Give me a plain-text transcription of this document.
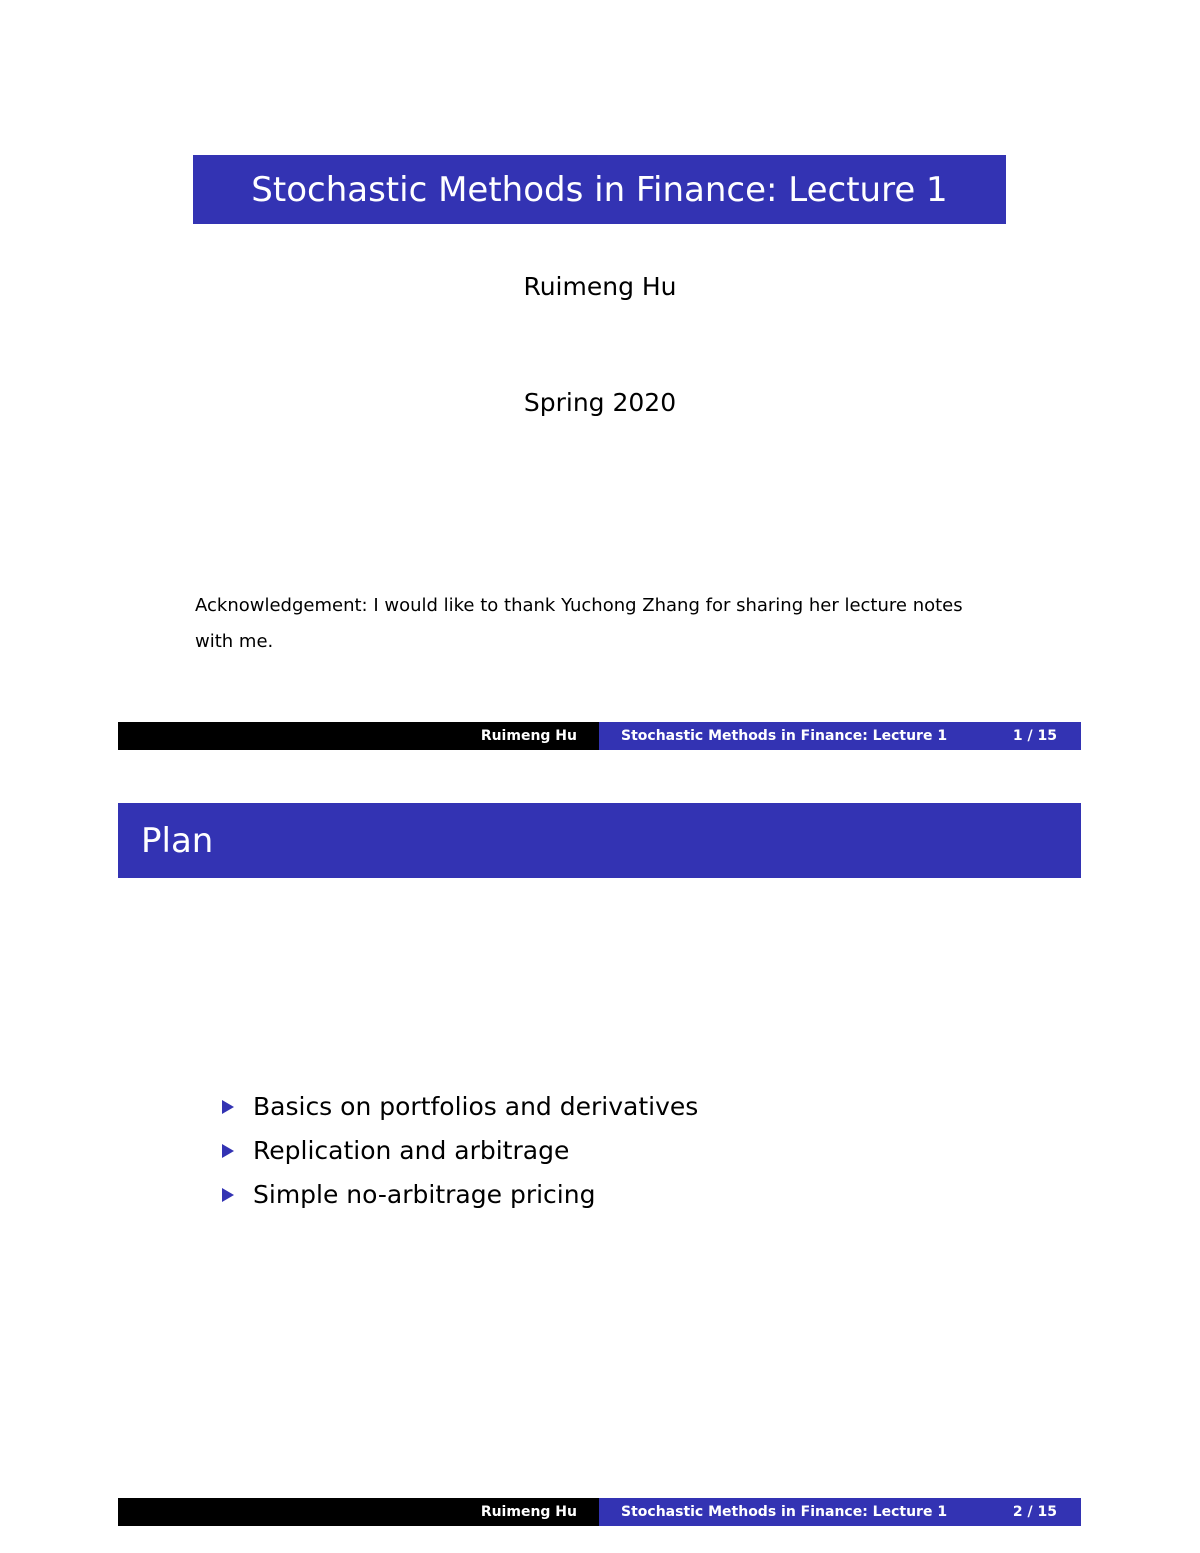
Stochastic Methods in Finance: Lecture 1
Ruimeng Hu
Spring 2020
Acknowledgement: I would like to thank Yuchong Zhang for sharing her lecture notes
with me.
Ruimeng Hu	Stochastic Methods in Finance: Lecture 1	1 / 15
Plan
Basics on portfolios and derivatives
Replication and arbitrage
Simple no-arbitrage pricing
Ruimeng Hu	Stochastic Methods in Finance: Lecture 1	2 / 15
